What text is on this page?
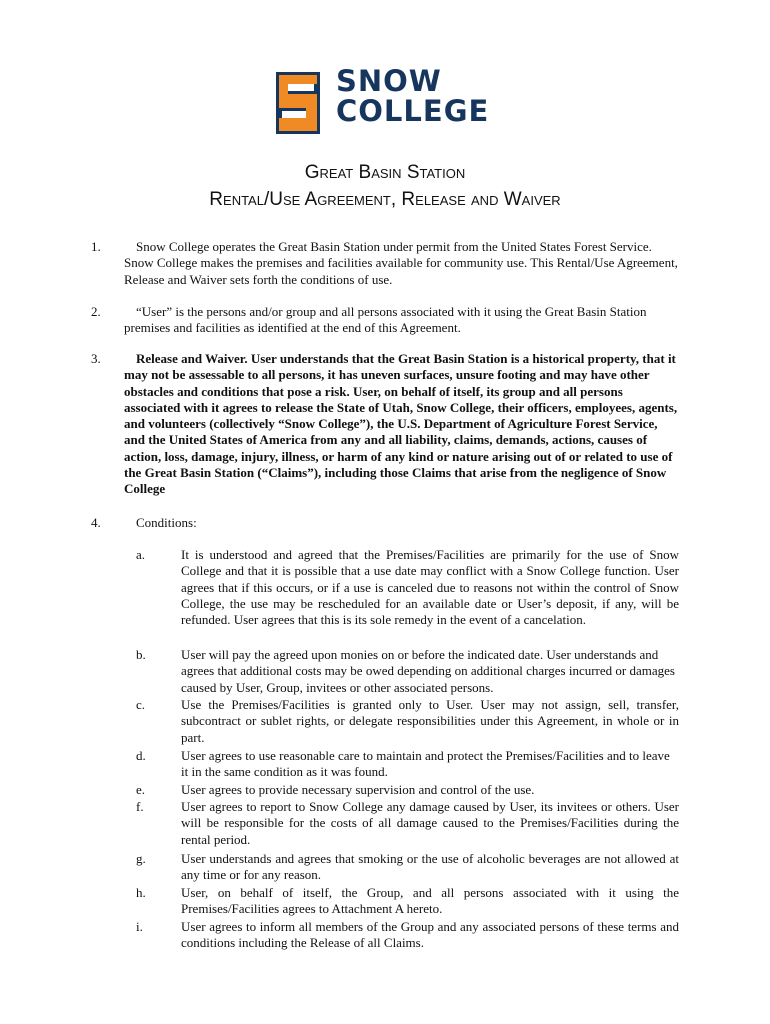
SNOW
COLLEGE
Great Basin Station
Rental/Use Agreement, Release and Waiver
1.	Snow College operates the Great Basin Station under permit from the United States Forest Service. Snow College makes the premises and facilities available for community use. This Rental/Use Agreement, Release and Waiver sets forth the conditions of use.
2.	“User” is the persons and/or group and all persons associated with it using the Great Basin Station premises and facilities as identified at the end of this Agreement.
3.	Release and Waiver. User understands that the Great Basin Station is a historical property, that it may not be assessable to all persons, it has uneven surfaces, unsure footing and may have other obstacles and conditions that pose a risk. User, on behalf of itself, its group and all persons associated with it agrees to release the State of Utah, Snow College, their officers, employees, agents, and volunteers (collectively “Snow College”), the U.S. Department of Agriculture Forest Service, and the United States of America from any and all liability, claims, demands, actions, causes of action, loss, damage, injury, illness, or harm of any kind or nature arising out of or related to use of the Great Basin Station (“Claims”), including those Claims that arise from the negligence of Snow College
4.	Conditions:
a.	It is understood and agreed that the Premises/Facilities are primarily for the use of Snow College and that it is possible that a use date may conflict with a Snow College function. User agrees that if this occurs, or if a use is canceled due to reasons not within the control of Snow College, the use may be rescheduled for an available date or User’s deposit, if any, will be refunded. User agrees that this is its sole remedy in the event of a cancelation.
b.	User will pay the agreed upon monies on or before the indicated date. User understands and agrees that additional costs may be owed depending on additional charges incurred or damages caused by User, Group, invitees or other associated persons.
c.	Use the Premises/Facilities is granted only to User. User may not assign, sell, transfer, subcontract or sublet rights, or delegate responsibilities under this Agreement, in whole or in part.
d.	User agrees to use reasonable care to maintain and protect the Premises/Facilities and to leave it in the same condition as it was found.
e.	User agrees to provide necessary supervision and control of the use.
f.	User agrees to report to Snow College any damage caused by User, its invitees or others. User will be responsible for the costs of all damage caused to the Premises/Facilities during the rental period.
g.	User understands and agrees that smoking or the use of alcoholic beverages are not allowed at any time or for any reason.
h.	User, on behalf of itself, the Group, and all persons associated with it using the Premises/Facilities agrees to Attachment A hereto.
i.	User agrees to inform all members of the Group and any associated persons of these terms and conditions including the Release of all Claims.
